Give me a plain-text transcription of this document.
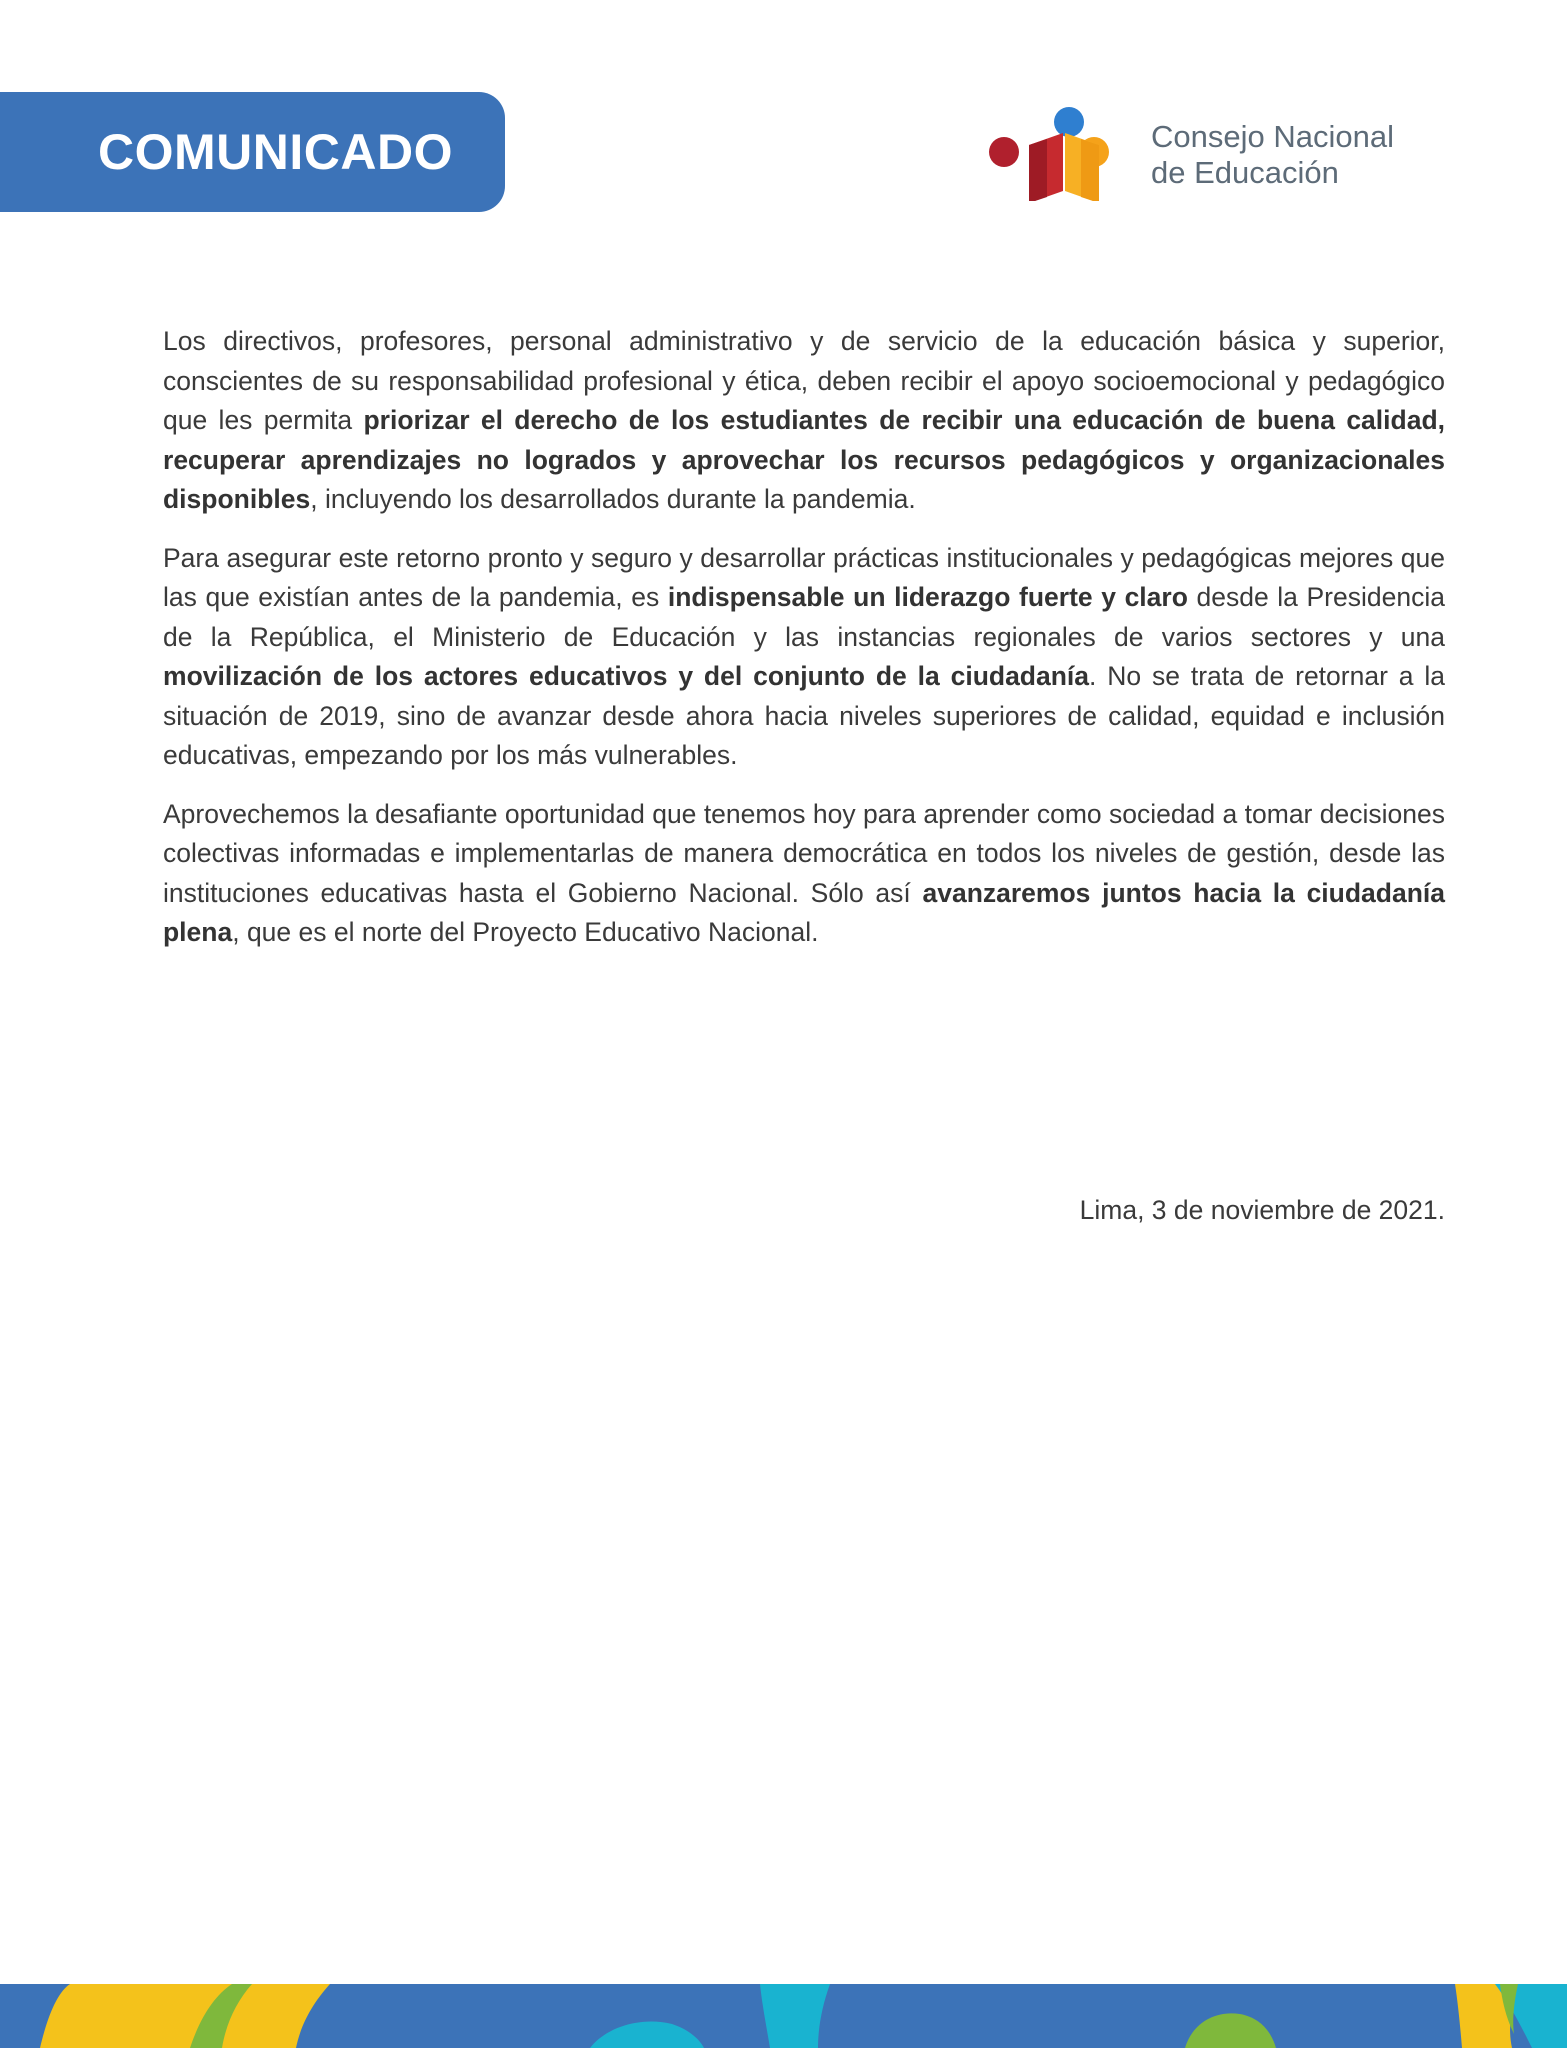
COMUNICADO	Consejo Nacional
de Educación

Los directivos, profesores, personal administrativo y de servicio de la educación básica y superior, conscientes de su responsabilidad profesional y ética, deben recibir el apoyo socioemocional y pedagógico que les permita priorizar el derecho de los estudiantes de recibir una educación de buena calidad, recuperar aprendizajes no logrados y aprovechar los recursos pedagógicos y organizacionales disponibles, incluyendo los desarrollados durante la pandemia.

Para asegurar este retorno pronto y seguro y desarrollar prácticas institucionales y pedagógicas mejores que las que existían antes de la pandemia, es indispensable un liderazgo fuerte y claro desde la Presidencia de la República, el Ministerio de Educación y las instancias regionales de varios sectores y una movilización de los actores educativos y del conjunto de la ciudadanía. No se trata de retornar a la situación de 2019, sino de avanzar desde ahora hacia niveles superiores de calidad, equidad e inclusión educativas, empezando por los más vulnerables.

Aprovechemos la desafiante oportunidad que tenemos hoy para aprender como sociedad a tomar decisiones colectivas informadas e implementarlas de manera democrática en todos los niveles de gestión, desde las instituciones educativas hasta el Gobierno Nacional. Sólo así avanzaremos juntos hacia la ciudadanía plena, que es el norte del Proyecto Educativo Nacional.

Lima, 3 de noviembre de 2021.
